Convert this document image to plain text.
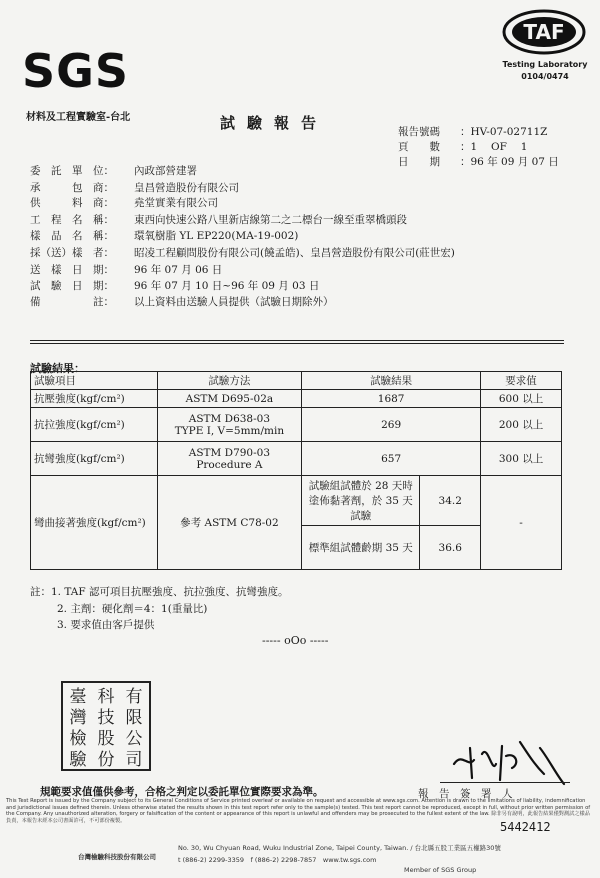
SGS
材料及工程實驗室-台北
TAF
Testing Laboratory
0104/0474
試驗報告	報告號碼 ：HV-07-02711Z
頁　　數 ：1　 OF　 1
日　　期 ：96 年 09 月 07 日
委　託　單　位： 內政部營建署
承　　　包　商： 皇昌營造股份有限公司
供　　　料　商： 堯堂實業有限公司
工　程　名　稱： 東西向快速公路八里新店線第二之二標台一線至重翠橋頭段
樣　品　名　稱： 環氧樹脂 YL EP220(MA-19-002)
採（送）樣　者： 昭凌工程顧問股份有限公司(饒孟皓)、皇昌營造股份有限公司(莊世宏)
送　樣　日　期： 96 年 07 月 06 日
試　驗　日　期： 96 年 07 月 10 日~96 年 09 月 03 日
備　　　　　註： 以上資料由送驗人員提供（試驗日期除外）
試驗結果：
試驗項目	試驗方法	試驗結果		要求值
抗壓強度(kgf/cm²)	ASTM D695-02a	1687		600 以上
抗拉強度(kgf/cm²)	ASTM D638-03
TYPE Ⅰ, V=5mm/min	269		200 以上
抗彎強度(kgf/cm²)	ASTM D790-03
Procedure A	657		300 以上
彎曲接著強度(kgf/cm²)	參考 ASTM C78-02	試驗組試體於 28 天時塗佈黏著劑，於 35 天試驗	34.2	-
		標準組試體齡期 35 天	36.6	
註：1. TAF 認可項目抗壓強度、抗拉強度、抗彎強度。
2. 主劑：硬化劑＝4：1(重量比)
3. 要求值由客戶提供
----- oOo -----
臺 科 有
灣 技 限
檢 股 公
驗 份 司
規範要求值僅供參考，合格之判定以委託單位實際要求為準。	報　告　簽　署　人
This Test Report is issued by the Company subject to its General Conditions of Service printed overleaf or available on request and accessible at www.sgs.com. Attention is drawn to the limitations of liability, indemnification and jurisdictional issues defined therein. Unless otherwise stated the results shown in this test report refer only to the sample(s) tested. This test report cannot be reproduced, except in full, without prior written permission of the Company. Any unauthorized alteration, forgery or falsification of the content or appearance of this report is unlawful and offenders may be prosecuted to the fullest extent of the law. 除非另有說明，此報告結果僅對測試之樣品負責，本報告未經本公司書面許可，不可部份複製。	5442412
台灣檢驗科技股份有限公司
No. 30, Wu Chyuan Road, Wuku Industrial Zone, Taipei County, Taiwan. / 台北縣五股工業區五權路30號
t (886-2) 2299-3359　f (886-2) 2298-7857　www.tw.sgs.com
Member of SGS Group
